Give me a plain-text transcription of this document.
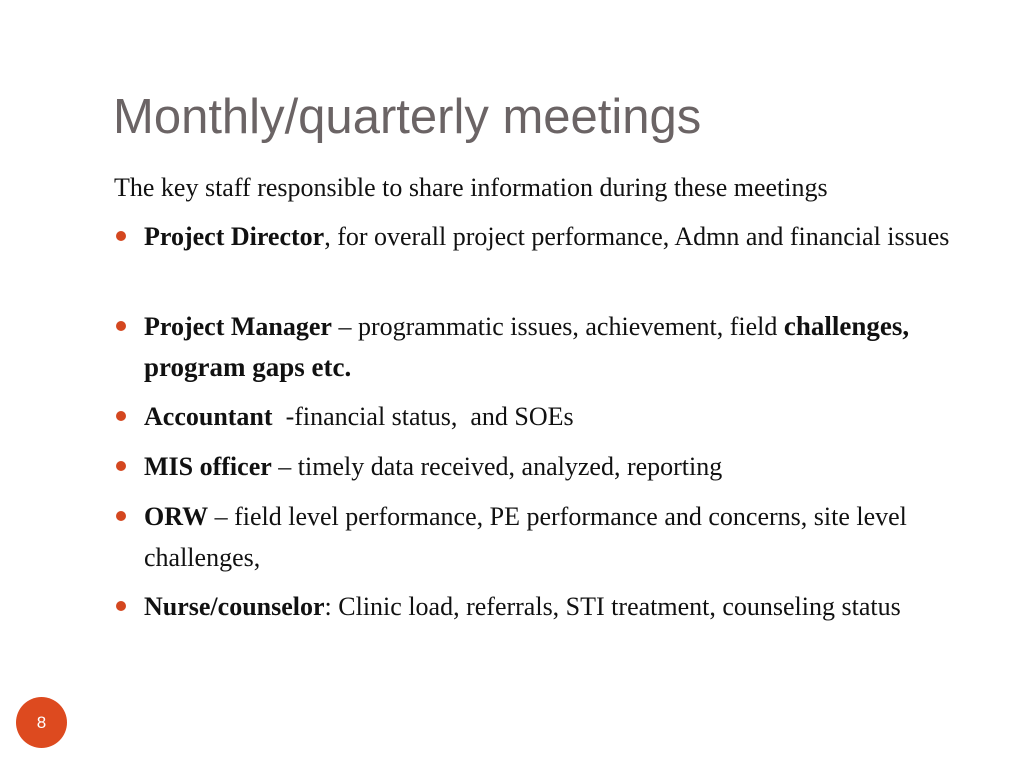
Monthly/quarterly meetings

The key staff responsible to share information during these meetings

Project Director, for overall project performance, Admn and financial issues
Project Manager – programmatic issues, achievement, field challenges, program gaps etc.
Accountant  -financial status,  and SOEs
MIS officer – timely data received, analyzed, reporting
ORW – field level performance, PE performance and concerns, site level challenges,
Nurse/counselor: Clinic load, referrals, STI treatment, counseling status
8
